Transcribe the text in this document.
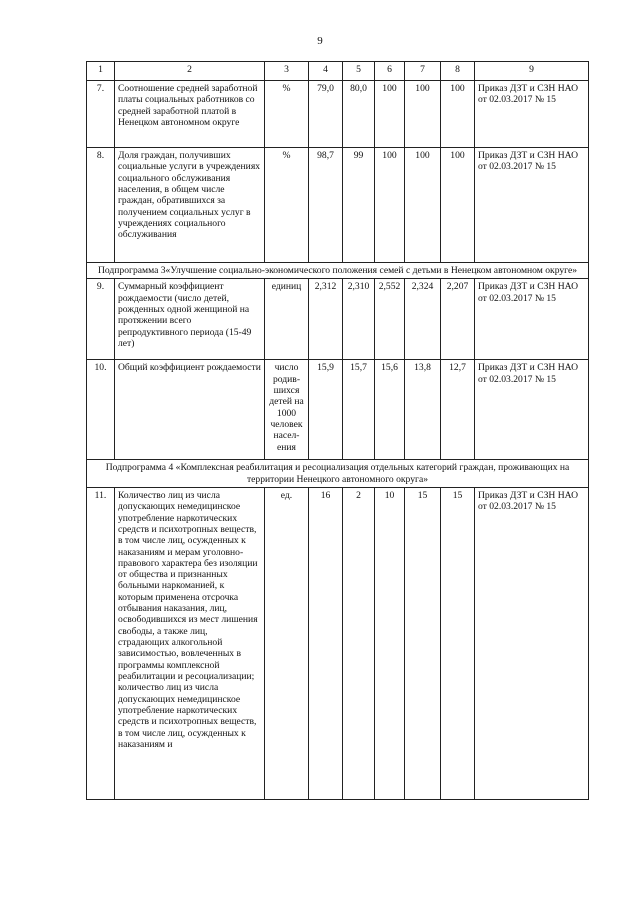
9
1	2	3	4	5	6	7	8	9
7.	Соотношение средней заработной платы социальных работников со средней заработной платой в Ненецком автономном округе	%	79,0	80,0	100	100	100	Приказ ДЗТ и СЗН НАО от 02.03.2017 № 15
8.	Доля граждан, получивших социальные услуги в учреждениях социального обслуживания населения, в общем числе граждан, обратившихся за получением социальных услуг в учреждениях социального обслуживания	%	98,7	99	100	100	100	Приказ ДЗТ и СЗН НАО от 02.03.2017 № 15
Подпрограмма 3«Улучшение социально-экономического положения семей с детьми в Ненецком автономном округе»								
9.	Суммарный коэффициент рождаемости (число детей, рожденных одной женщиной на протяжении всего репродуктивного периода (15-49 лет)	единиц	2,312	2,310	2,552	2,324	2,207	Приказ ДЗТ и СЗН НАО от 02.03.2017 № 15
10.	Общий коэффициент рождаемости	число родив-шихся детей на 1000 человек насел-ения	15,9	15,7	15,6	13,8	12,7	Приказ ДЗТ и СЗН НАО от 02.03.2017 № 15
Подпрограмма 4 «Комплексная реабилитация и ресоциализация отдельных категорий граждан, проживающих на территории Ненецкого автономного округа»								
11.	Количество лиц из числа допускающих немедицинское употребление наркотических средств и психотропных веществ, в том числе лиц, осужденных к наказаниям и мерам уголовно-правового характера без изоляции от общества и признанных больными наркоманией, к которым применена отсрочка отбывания наказания, лиц, освободившихся из мест лишения свободы, а также лиц, страдающих алкогольной зависимостью, вовлеченных в программы комплексной реабилитации и ресоциализации; количество лиц из числа допускающих немедицинское употребление наркотических средств и психотропных веществ, в том числе лиц, осужденных к наказаниям и	ед.	16	2	10	15	15	Приказ ДЗТ и СЗН НАО от 02.03.2017 № 15
